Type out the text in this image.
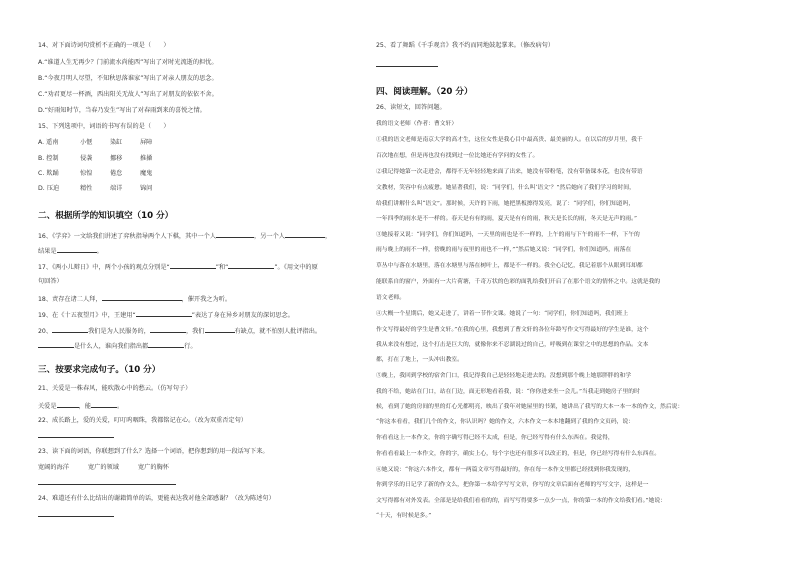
14、对下面诗词句赏析不正确的一项是（　　）
A.“谁道人生无再少？门前流水尚能西”写出了对时光流逝的担忧。
B.“今夜月明人尽望，不知秋思落谁家”写出了对亲人朋友的思念。
C.“劝君更尽一杯酒，西出阳关无故人”写出了对朋友的依依不舍。
D.“好雨知时节，当春乃发生”写出了对春雨到来的喜悦之情。
15、下列选项中，词语的书写有误的是（　　）
A. 遥南	小惬	染缸	屏障
B. 控制	侵袭	挪移	推搡
C. 欺踊	惊惶	倦怠	魔鬼
D. 压迫	精性	端详	锦问
二、根据所学的知识填空（10 分）
16、《学弈》一文给我们讲述了弈秋指导两个人下棋，其中一个人	，另一个人	，
结果是	。
17、《两小儿辩日》中，两个小孩的观点分别是“	”和“	”。《用文中的原
句回答）
18、责存在诸二人拜，	，催开我之为听。
19、在《十五夜望月》中，王建用“	”表达了身在异乡对朋友的深切思念。
20、	我们是为人民服务的，	，我们	有缺点，就不怕别人批评指出。
是什么人，谁向我们指出都	行。
三、按要求完成句子。（10 分）
21、关爱是一株春风，能吹散心中的愁云。（仿写句子）
关爱是	，能	。
22、成长路上，爱的关爱，叮叮呜咽珠，我都铭记在心。（改为双重否定句）
23、读下面的词语，你联想到了什么？选择一个词语，把你想到的用一段话写下来。
宽阔的海洋	宽广的领域	宽广的胸怀
24、难道还有什么比结出的谢籍简单的话，更能表达我对他全部感谢？（改为陈述句）
25、看了舞蹈《千手观音》我不约而同地鼓起掌来。（修改病句）
四、阅读理解。（20 分）
26、读短文，回答问题。
我的语文老师（作者：曹文轩）
①我的语文老师是南京大学的高才生，这位女性是我心目中最高贵、最美丽的人。在以后的岁月里，我千
百次地在想，但是再也没有找到过一位比她还有学问的女性了。
②我记得她第一次走进会，都得不无年轻轻地来面了出来，她没有带粉笔，没有带备课本花，也没有带语
文教材，笑容中有点疲惫。她显著我们，说：“同学们，什么叫‘语文’？”然后她向了我们学习的时间，
给我们讲解什么叫“语文”。那时候，天许的下雨，她把黑板擦得发亮，说了：“同学们，你们知道吗，
一年四季的雨水是不一样的。春天是有有的雨，夏天是有有的雨，秋天是长长的雨，冬天是无声的雨。”
③她接着又说：“同学们，你们知道吗，一天里的雨也是不一样的，上午的雨与下午的雨不一样，下午的
雨与晚上的雨不一样，傍晚的雨与夜里的雨也不一样，”“然后她又说：“同学们，你们知道吗，雨落在
草丛中与落在水塘里，落在水塘里与落在树叶上，都是不一样的。我全心记忆，我记着那个从眼到耳却都
能联系自的窗户，外面有一大片荷塘，千奇万状的色彩的面乳给我们开启了在那个语文的情怀之中。这就是我的
语文老师。
④大概一个星期后，她又走进了，讲着一节作文课。她说了一句：“同学们，你们知道吗，我们班上
作文写得最好的学生是曹文轩。”在我的心里，我想到了曹文轩的各位年龄写作文写得最好的学生是谁，这个
我从来没有想过，这个打击是巨大的，就像你来不忍湖说过的自己，呼吸到在课堂之中的思想的作品。文本
都，打在了地上，一头冲出教室。
⑤晚上，我回到学校的宿舍门口，我记得我自己是轻轻地走进去的。没想到那个晚上她那胖胖的和学
我的不给，她站在门口，站在门边，面无形地看着我，说：“你你进来坐一会儿。”当我走到她房子里的时
候，看到了她的房间的里的灯心光都明亮，映出了我年对她屋里的书架，她讲出了我写的大本一本一本的作文，然后说：
“你这本看看，我们几个的作文，你认识吗？她的作文，六本作文一本本地翻到了我的作文页码，说：
你看看这上一本作文，你的字确写得已经不太成，但是，你已经写得有什么东西在。我觉得，
你看看看最上一本作文，你的字，确实上心，每个字也还有很多可以改正的，但是，你已经写得有什么东西在。
⑥她又说：“你这六本作文，都有一两篇文章写得最好的，你在每一本作文里都已经找到你我发现的，
你到学乐的日记学了新的作文么，把你第一本给学写写文章，你写的文章后面有老师的写写文字，这样是一
文写得都有对外发表。全部是是给我们看看的的，而写写得要多一点少一点，你的第一本的作文给我们看。”她说：
“十天，有时候是多。”
